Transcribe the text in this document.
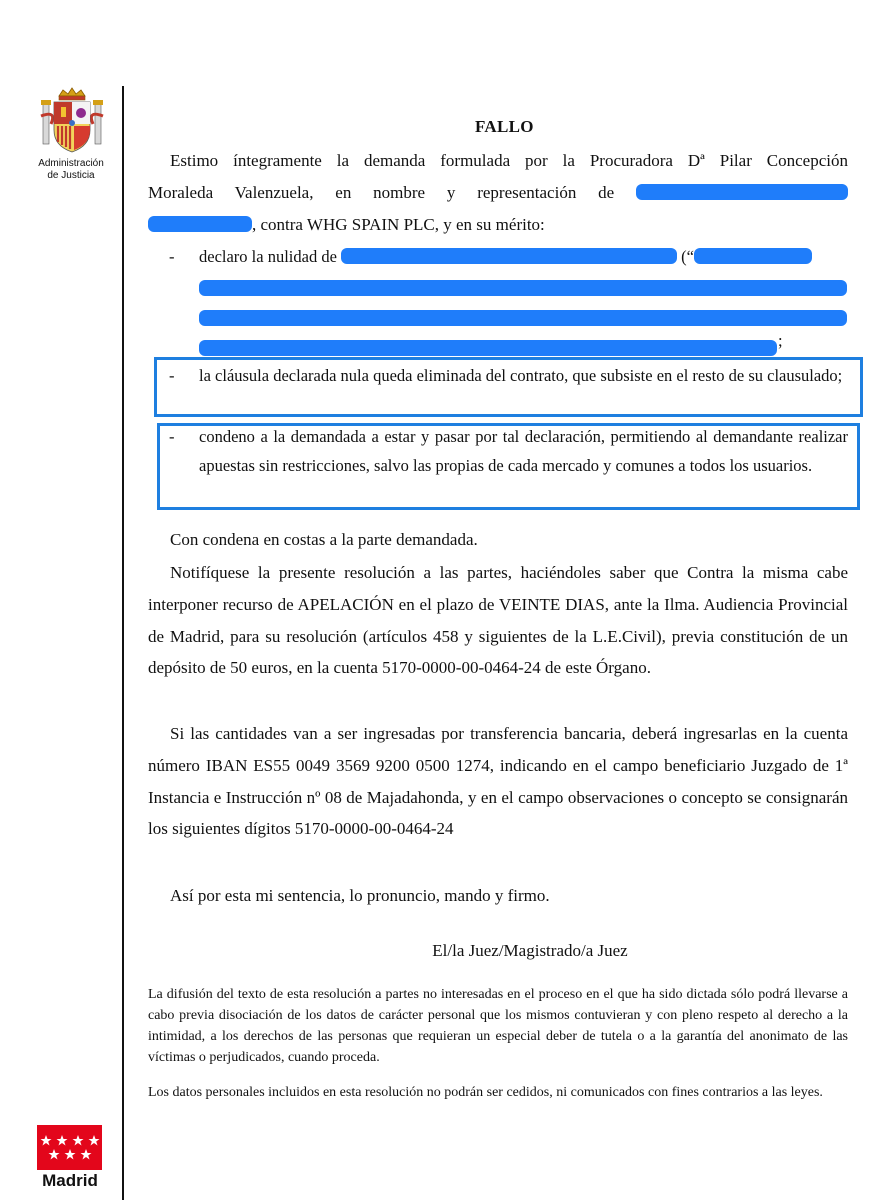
Administración
de Justicia
Madrid
FALLO

Estimo íntegramente la demanda formulada por la Procuradora Dª Pilar Concepción

Moraleda Valenzuela, en nombre y representación de

, contra WHG SPAIN PLC, y en su mérito:

- declaro la nulidad de	(“
;
- la cláusula declarada nula queda eliminada del contrato, que subsiste en el resto de su clausulado;
- condeno a la demandada a estar y pasar por tal declaración, permitiendo al demandante realizar apuestas sin restricciones, salvo las propias de cada mercado y comunes a todos los usuarios.

Con condena en costas a la parte demandada.

Notifíquese la presente resolución a las partes, haciéndoles saber que Contra la misma cabe interponer recurso de APELACIÓN en el plazo de VEINTE DIAS, ante la Ilma. Audiencia Provincial de Madrid, para su resolución (artículos 458 y siguientes de la L.E.Civil), previa constitución de un depósito de 50 euros, en la cuenta 5170-0000-00-0464-24 de este Órgano.

Si las cantidades van a ser ingresadas por transferencia bancaria, deberá ingresarlas en la cuenta número IBAN ES55 0049 3569 9200 0500 1274, indicando en el campo beneficiario Juzgado de 1ª Instancia e Instrucción nº 08 de Majadahonda, y en el campo observaciones o concepto se consignarán los siguientes dígitos 5170-0000-00-0464-24

Así por esta mi sentencia, lo pronuncio, mando y firmo.

El/la Juez/Magistrado/a Juez

La difusión del texto de esta resolución a partes no interesadas en el proceso en el que ha sido dictada sólo podrá llevarse a cabo previa disociación de los datos de carácter personal que los mismos contuvieran y con pleno respeto al derecho a la intimidad, a los derechos de las personas que requieran un especial deber de tutela o a la garantía del anonimato de las víctimas o perjudicados, cuando proceda.

Los datos personales incluidos en esta resolución no podrán ser cedidos, ni comunicados con fines contrarios a las leyes.
